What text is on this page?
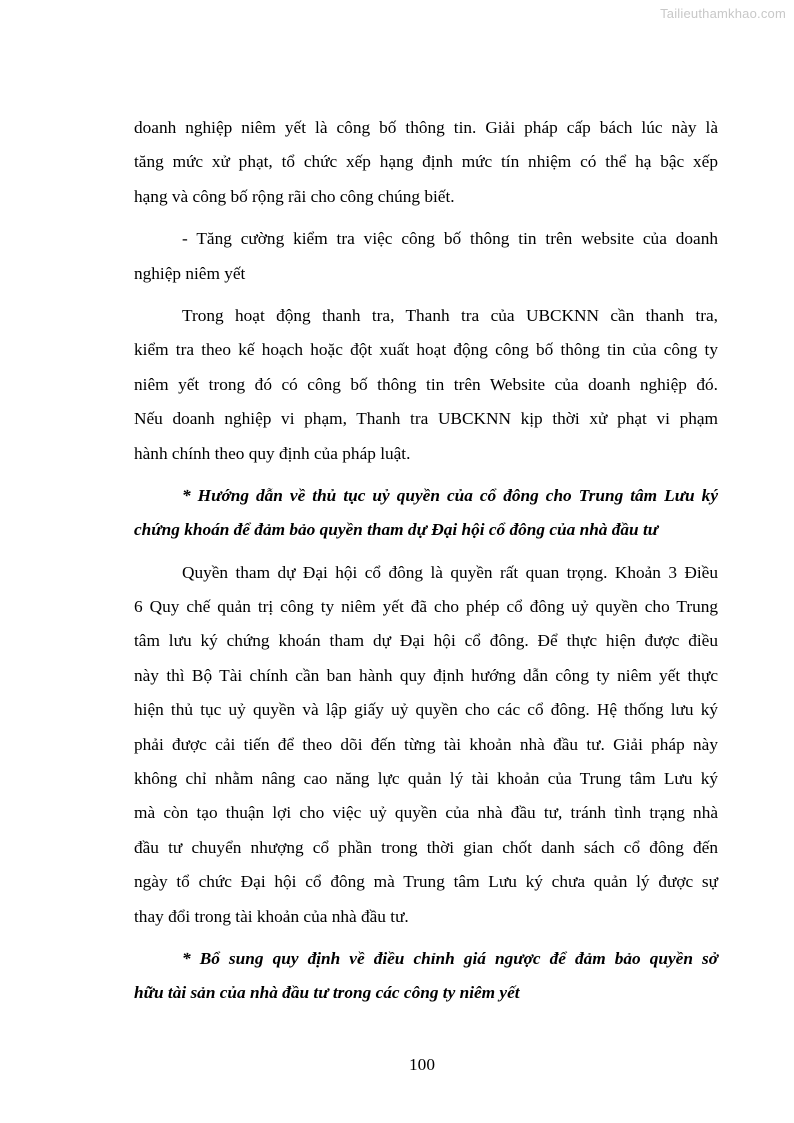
Tailieuthamkhao.com
doanh nghiệp niêm yết là công bố thông tin. Giải pháp cấp bách lúc này là
tăng mức xử phạt, tổ chức xếp hạng định mức tín nhiệm có thể hạ bậc xếp
hạng và công bố rộng rãi cho công chúng biết.
- Tăng cường kiểm tra việc công bố thông tin trên website của doanh
nghiệp niêm yết
Trong hoạt động thanh tra, Thanh tra của UBCKNN cần thanh tra,
kiểm tra theo kế hoạch hoặc đột xuất hoạt động công bố thông tin của công ty
niêm yết trong đó có công bố thông tin trên Website của doanh nghiệp đó.
Nếu doanh nghiệp vi phạm, Thanh tra UBCKNN kịp thời xử phạt vi phạm
hành chính theo quy định của pháp luật.
* Hướng dẫn về thủ tục uỷ quyền của cổ đông cho Trung tâm Lưu ký
chứng khoán để đảm bảo quyền tham dự Đại hội cổ đông của nhà đầu tư
Quyền tham dự Đại hội cổ đông là quyền rất quan trọng. Khoản 3 Điều
6 Quy chế quản trị công ty niêm yết đã cho phép cổ đông uỷ quyền cho Trung
tâm lưu ký chứng khoán tham dự Đại hội cổ đông. Để thực hiện được điều
này thì Bộ Tài chính cần ban hành quy định hướng dẫn công ty niêm yết thực
hiện thủ tục uỷ quyền và lập giấy uỷ quyền cho các cổ đông. Hệ thống lưu ký
phải được cải tiến để theo dõi đến từng tài khoản nhà đầu tư. Giải pháp này
không chỉ nhằm nâng cao năng lực quản lý tài khoản của Trung tâm Lưu ký
mà còn tạo thuận lợi cho việc uỷ quyền của nhà đầu tư, tránh tình trạng nhà
đầu tư chuyển nhượng cổ phần trong thời gian chốt danh sách cổ đông đến
ngày tổ chức Đại hội cổ đông mà Trung tâm Lưu ký chưa quản lý được sự
thay đổi trong tài khoản của nhà đầu tư.
* Bổ sung quy định về điều chỉnh giá ngược để đảm bảo quyền sở
hữu tài sản của nhà đầu tư trong các công ty niêm yết
100
